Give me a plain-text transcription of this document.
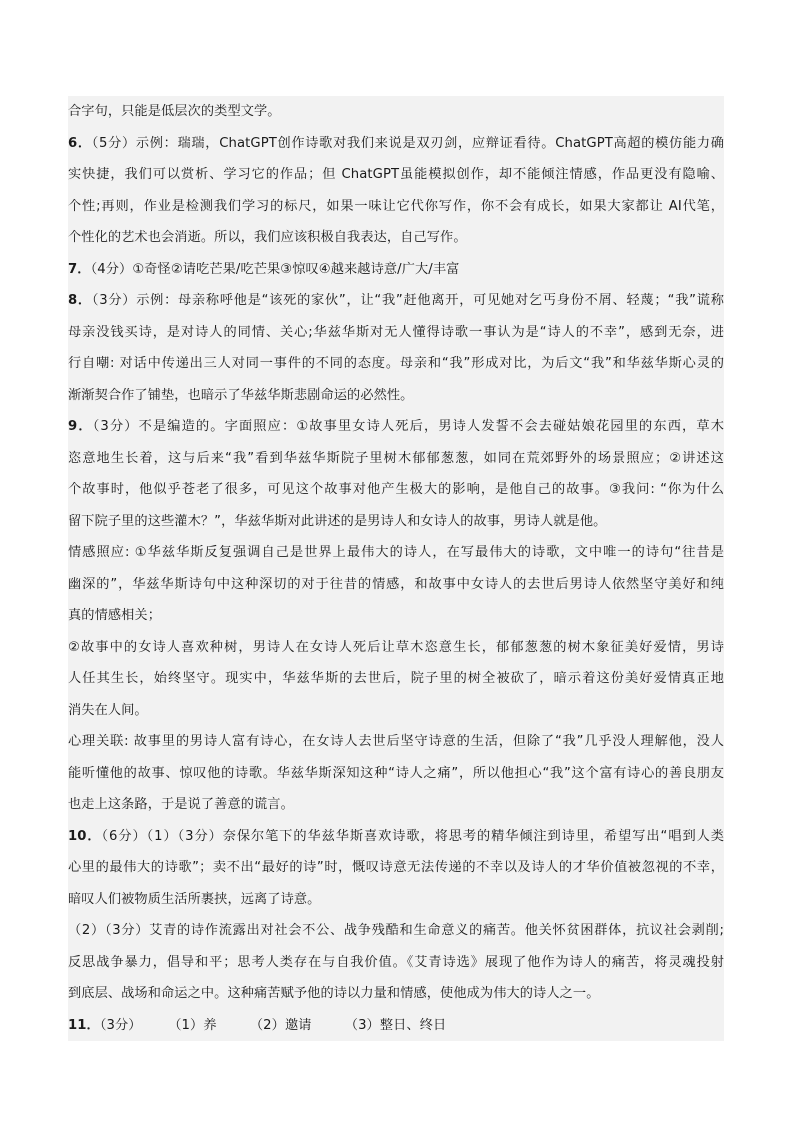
合字句，只能是低层次的类型文学。
6．（5分）示例：瑞瑞，ChatGPT创作诗歌对我们来说是双刃剑，应辩证看待。ChatGPT高超的模仿能力确
实快捷，我们可以赏析、学习它的作品；但 ChatGPT虽能模拟创作，却不能倾注情感，作品更没有隐喻、
个性;再则，作业是检测我们学习的标尺，如果一味让它代你写作，你不会有成长，如果大家都让 AI代笔，
个性化的艺术也会消逝。所以，我们应该积极自我表达，自己写作。
7．（4分）①奇怪②请吃芒果/吃芒果③惊叹④越来越诗意/广大/丰富
8．（3分）示例：母亲称呼他是“该死的家伙”，让“我”赶他离开，可见她对乞丐身份不屑、轻蔑；“我”谎称
母亲没钱买诗，是对诗人的同情、关心;华兹华斯对无人懂得诗歌一事认为是“诗人的不幸”，感到无奈，进
行自嘲: 对话中传递出三人对同一事件的不同的态度。母亲和“我”形成对比，为后文“我”和华兹华斯心灵的
渐渐契合作了铺垫，也暗示了华兹华斯悲剧命运的必然性。
9．（3分）不是编造的。字面照应：①故事里女诗人死后，男诗人发誓不会去碰姑娘花园里的东西，草木
恣意地生长着，这与后来“我”看到华兹华斯院子里树木郁郁葱葱，如同在荒郊野外的场景照应；②讲述这
个故事时，他似乎苍老了很多，可见这个故事对他产生极大的影响，是他自己的故事。③我问: “你为什么
留下院子里的这些灌木？”，华兹华斯对此讲述的是男诗人和女诗人的故事，男诗人就是他。
情感照应: ①华兹华斯反复强调自己是世界上最伟大的诗人，在写最伟大的诗歌，文中唯一的诗句“往昔是
幽深的”，华兹华斯诗句中这种深切的对于往昔的情感，和故事中女诗人的去世后男诗人依然坚守美好和纯
真的情感相关；
②故事中的女诗人喜欢种树，男诗人在女诗人死后让草木恣意生长，郁郁葱葱的树木象征美好爱情，男诗
人任其生长，始终坚守。现实中，华兹华斯的去世后，院子里的树全被砍了，暗示着这份美好爱情真正地
消失在人间。
心理关联: 故事里的男诗人富有诗心，在女诗人去世后坚守诗意的生活，但除了“我”几乎没人理解他，没人
能听懂他的故事、惊叹他的诗歌。华兹华斯深知这种“诗人之痛”，所以他担心“我”这个富有诗心的善良朋友
也走上这条路，于是说了善意的谎言。
10．（6分）（1）（3分）奈保尔笔下的华兹华斯喜欢诗歌，将思考的精华倾注到诗里，希望写出“唱到人类
心里的最伟大的诗歌”；卖不出“最好的诗”时，慨叹诗意无法传递的不幸以及诗人的才华价值被忽视的不幸，
暗叹人们被物质生活所裹挟，远离了诗意。
（2）（3分）艾青的诗作流露出对社会不公、战争残酷和生命意义的痛苦。他关怀贫困群体，抗议社会剥削;
反思战争暴力，倡导和平；思考人类存在与自我价值。《艾青诗选》展现了他作为诗人的痛苦，将灵魂投射
到底层、战场和命运之中。这种痛苦赋予他的诗以力量和情感，使他成为伟大的诗人之一。
11．（3分）　　　（1）养　　　（2）邀请　　　（3）整日、终日
